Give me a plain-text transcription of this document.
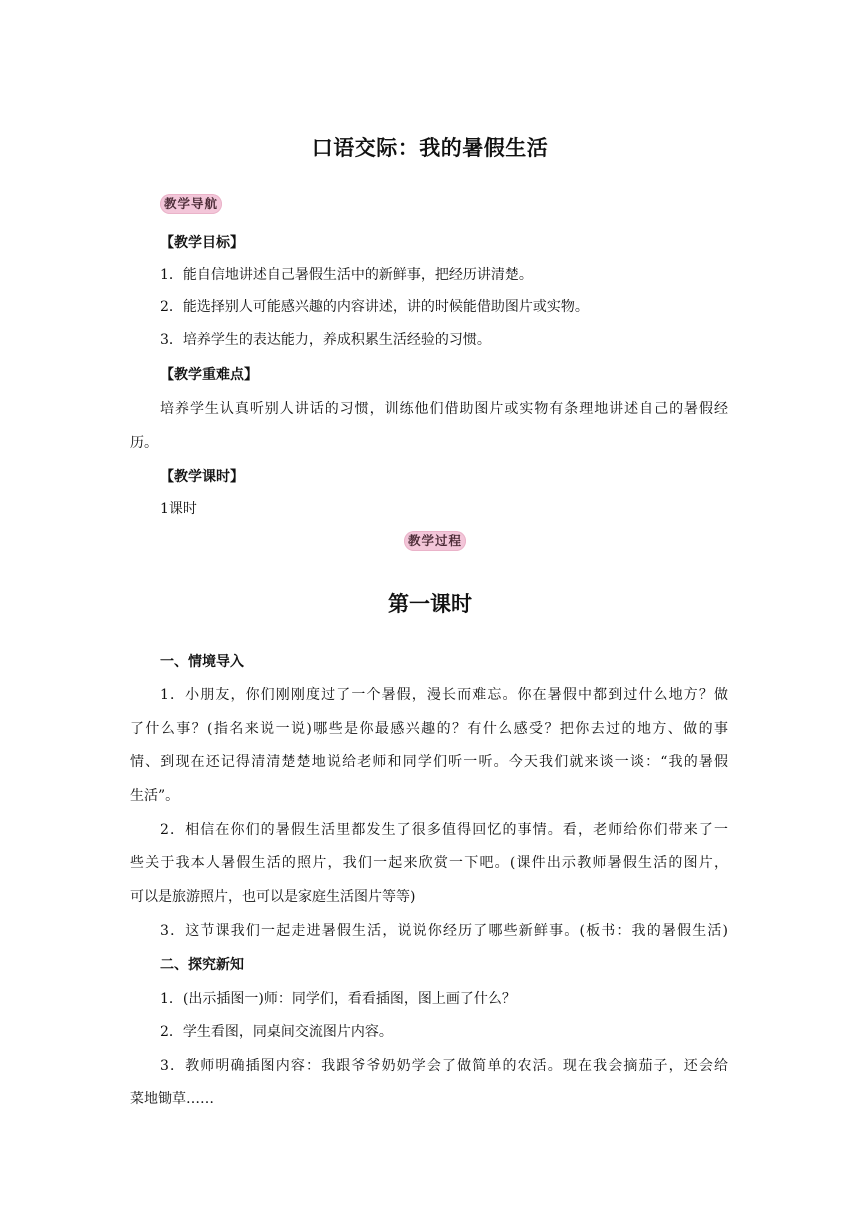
口语交际：我的暑假生活
教学导航
【教学目标】
1．能自信地讲述自己暑假生活中的新鲜事，把经历讲清楚。
2．能选择别人可能感兴趣的内容讲述，讲的时候能借助图片或实物。
3．培养学生的表达能力，养成积累生活经验的习惯。
【教学重难点】
培养学生认真听别人讲话的习惯，训练他们借助图片或实物有条理地讲述自己的暑假经
历。
【教学课时】
1课时
教学过程
第一课时
一、情境导入
1．小朋友，你们刚刚度过了一个暑假，漫长而难忘。你在暑假中都到过什么地方？做
了什么事？(指名来说一说)哪些是你最感兴趣的？有什么感受？把你去过的地方、做的事
情、到现在还记得清清楚楚地说给老师和同学们听一听。今天我们就来谈一谈：“我的暑假
生活”。
2．相信在你们的暑假生活里都发生了很多值得回忆的事情。看，老师给你们带来了一
些关于我本人暑假生活的照片，我们一起来欣赏一下吧。(课件出示教师暑假生活的图片，
可以是旅游照片，也可以是家庭生活图片等等)
3．这节课我们一起走进暑假生活，说说你经历了哪些新鲜事。(板书：我的暑假生活)
二、探究新知
1．(出示插图一)师：同学们，看看插图，图上画了什么？
2．学生看图，同桌间交流图片内容。
3．教师明确插图内容：我跟爷爷奶奶学会了做简单的农活。现在我会摘茄子，还会给
菜地锄草……
